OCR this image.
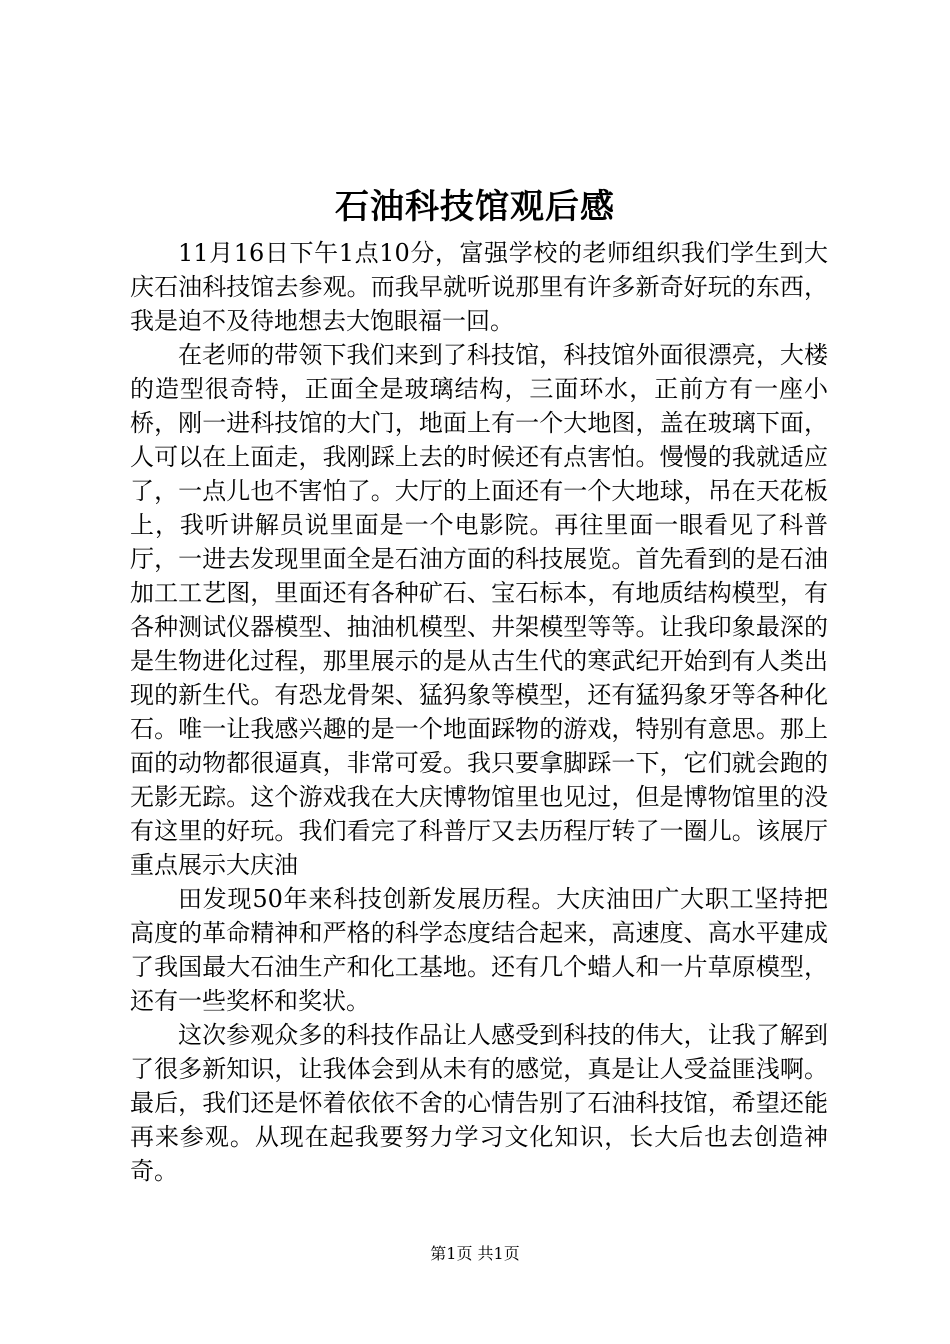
石油科技馆观后感

11月16日下午1点10分，富强学校的老师组织我们学生到大庆石油科技馆去参观。而我早就听说那里有许多新奇好玩的东西，我是迫不及待地想去大饱眼福一回。

在老师的带领下我们来到了科技馆，科技馆外面很漂亮，大楼的造型很奇特，正面全是玻璃结构，三面环水，正前方有一座小桥，刚一进科技馆的大门，地面上有一个大地图，盖在玻璃下面，人可以在上面走，我刚踩上去的时候还有点害怕。慢慢的我就适应了，一点儿也不害怕了。大厅的上面还有一个大地球，吊在天花板上，我听讲解员说里面是一个电影院。再往里面一眼看见了科普厅，一进去发现里面全是石油方面的科技展览。首先看到的是石油加工工艺图，里面还有各种矿石、宝石标本，有地质结构模型，有各种测试仪器模型、抽油机模型、井架模型等等。让我印象最深的是生物进化过程，那里展示的是从古生代的寒武纪开始到有人类出现的新生代。有恐龙骨架、猛犸象等模型，还有猛犸象牙等各种化石。唯一让我感兴趣的是一个地面踩物的游戏，特别有意思。那上面的动物都很逼真，非常可爱。我只要拿脚踩一下，它们就会跑的无影无踪。这个游戏我在大庆博物馆里也见过，但是博物馆里的没有这里的好玩。我们看完了科普厅又去历程厅转了一圈儿。该展厅重点展示大庆油

田发现50年来科技创新发展历程。大庆油田广大职工坚持把高度的革命精神和严格的科学态度结合起来，高速度、高水平建成了我国最大石油生产和化工基地。还有几个蜡人和一片草原模型，还有一些奖杯和奖状。

这次参观众多的科技作品让人感受到科技的伟大，让我了解到了很多新知识，让我体会到从未有的感觉，真是让人受益匪浅啊。最后，我们还是怀着依依不舍的心情告别了石油科技馆，希望还能再来参观。从现在起我要努力学习文化知识，长大后也去创造神奇。

第1页 共1页
